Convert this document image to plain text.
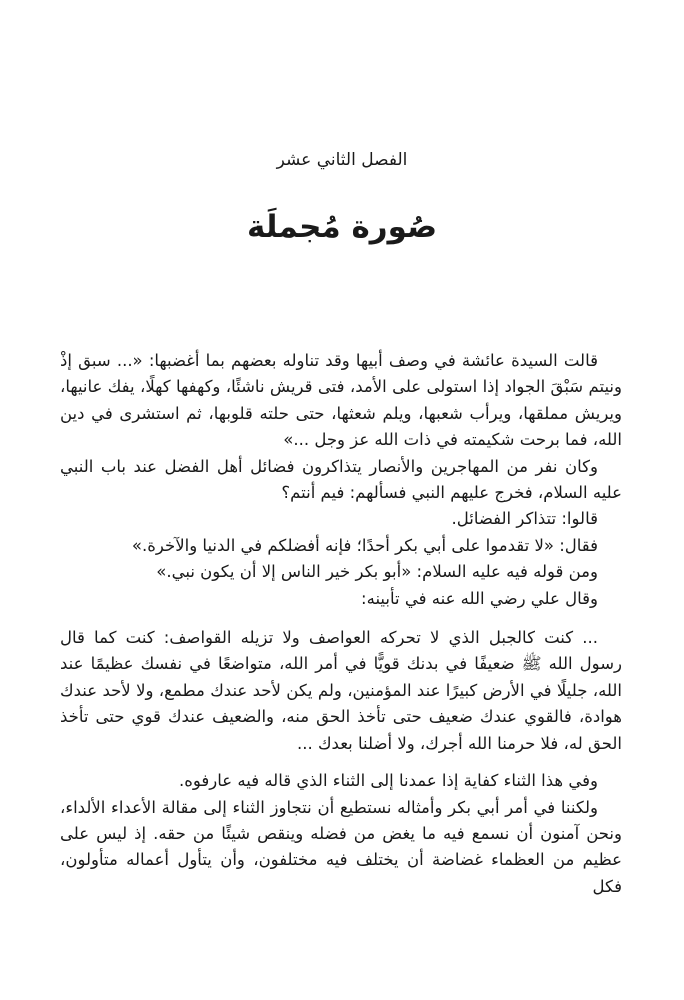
الفصل الثاني عشر
صُورة مُجملَة

قالت السيدة عائشة في وصف أبيها وقد تناوله بعضهم بما أغضبها: «... سبق إذْ ونيتم سَبْقَ الجواد إذا استولى على الأمد، فتى قريش ناشئًا، وكهفها كهلًا، يفك عانيها، ويريش مملقها، ويرأب شعبها، ويلم شعثها، حتى حلته قلوبها، ثم استشرى في دين الله، فما برحت شكيمته في ذات الله عز وجل ...»

وكان نفر من المهاجرين والأنصار يتذاكرون فضائل أهل الفضل عند باب النبي عليه السلام، فخرج عليهم النبي فسألهم: فيم أنتم؟

قالوا: تتذاكر الفضائل.

فقال: «لا تقدموا على أبي بكر أحدًا؛ فإنه أفضلكم في الدنيا والآخرة.»

ومن قوله فيه عليه السلام: «أبو بكر خير الناس إلا أن يكون نبي.»

وقال علي رضي الله عنه في تأبينه:

... كنت كالجبل الذي لا تحركه العواصف ولا تزيله القواصف: كنت كما قال رسول الله ﷺ ضعيفًا في بدنك قويًّا في أمر الله، متواضعًا في نفسك عظيمًا عند الله، جليلًا في الأرض كبيرًا عند المؤمنين، ولم يكن لأحد عندك مطمع، ولا لأحد عندك هوادة، فالقوي عندك ضعيف حتى تأخذ الحق منه، والضعيف عندك قوي حتى تأخذ الحق له، فلا حرمنا الله أجرك، ولا أضلنا بعدك ...

وفي هذا الثناء كفاية إذا عمدنا إلى الثناء الذي قاله فيه عارفوه.

ولكننا في أمر أبي بكر وأمثاله نستطيع أن نتجاوز الثناء إلى مقالة الأعداء الألداء، ونحن آمنون أن نسمع فيه ما يغض من فضله وينقص شيئًا من حقه. إذ ليس على عظيم من العظماء غضاضة أن يختلف فيه مختلفون، وأن يتأول أعماله متأولون، فكل
